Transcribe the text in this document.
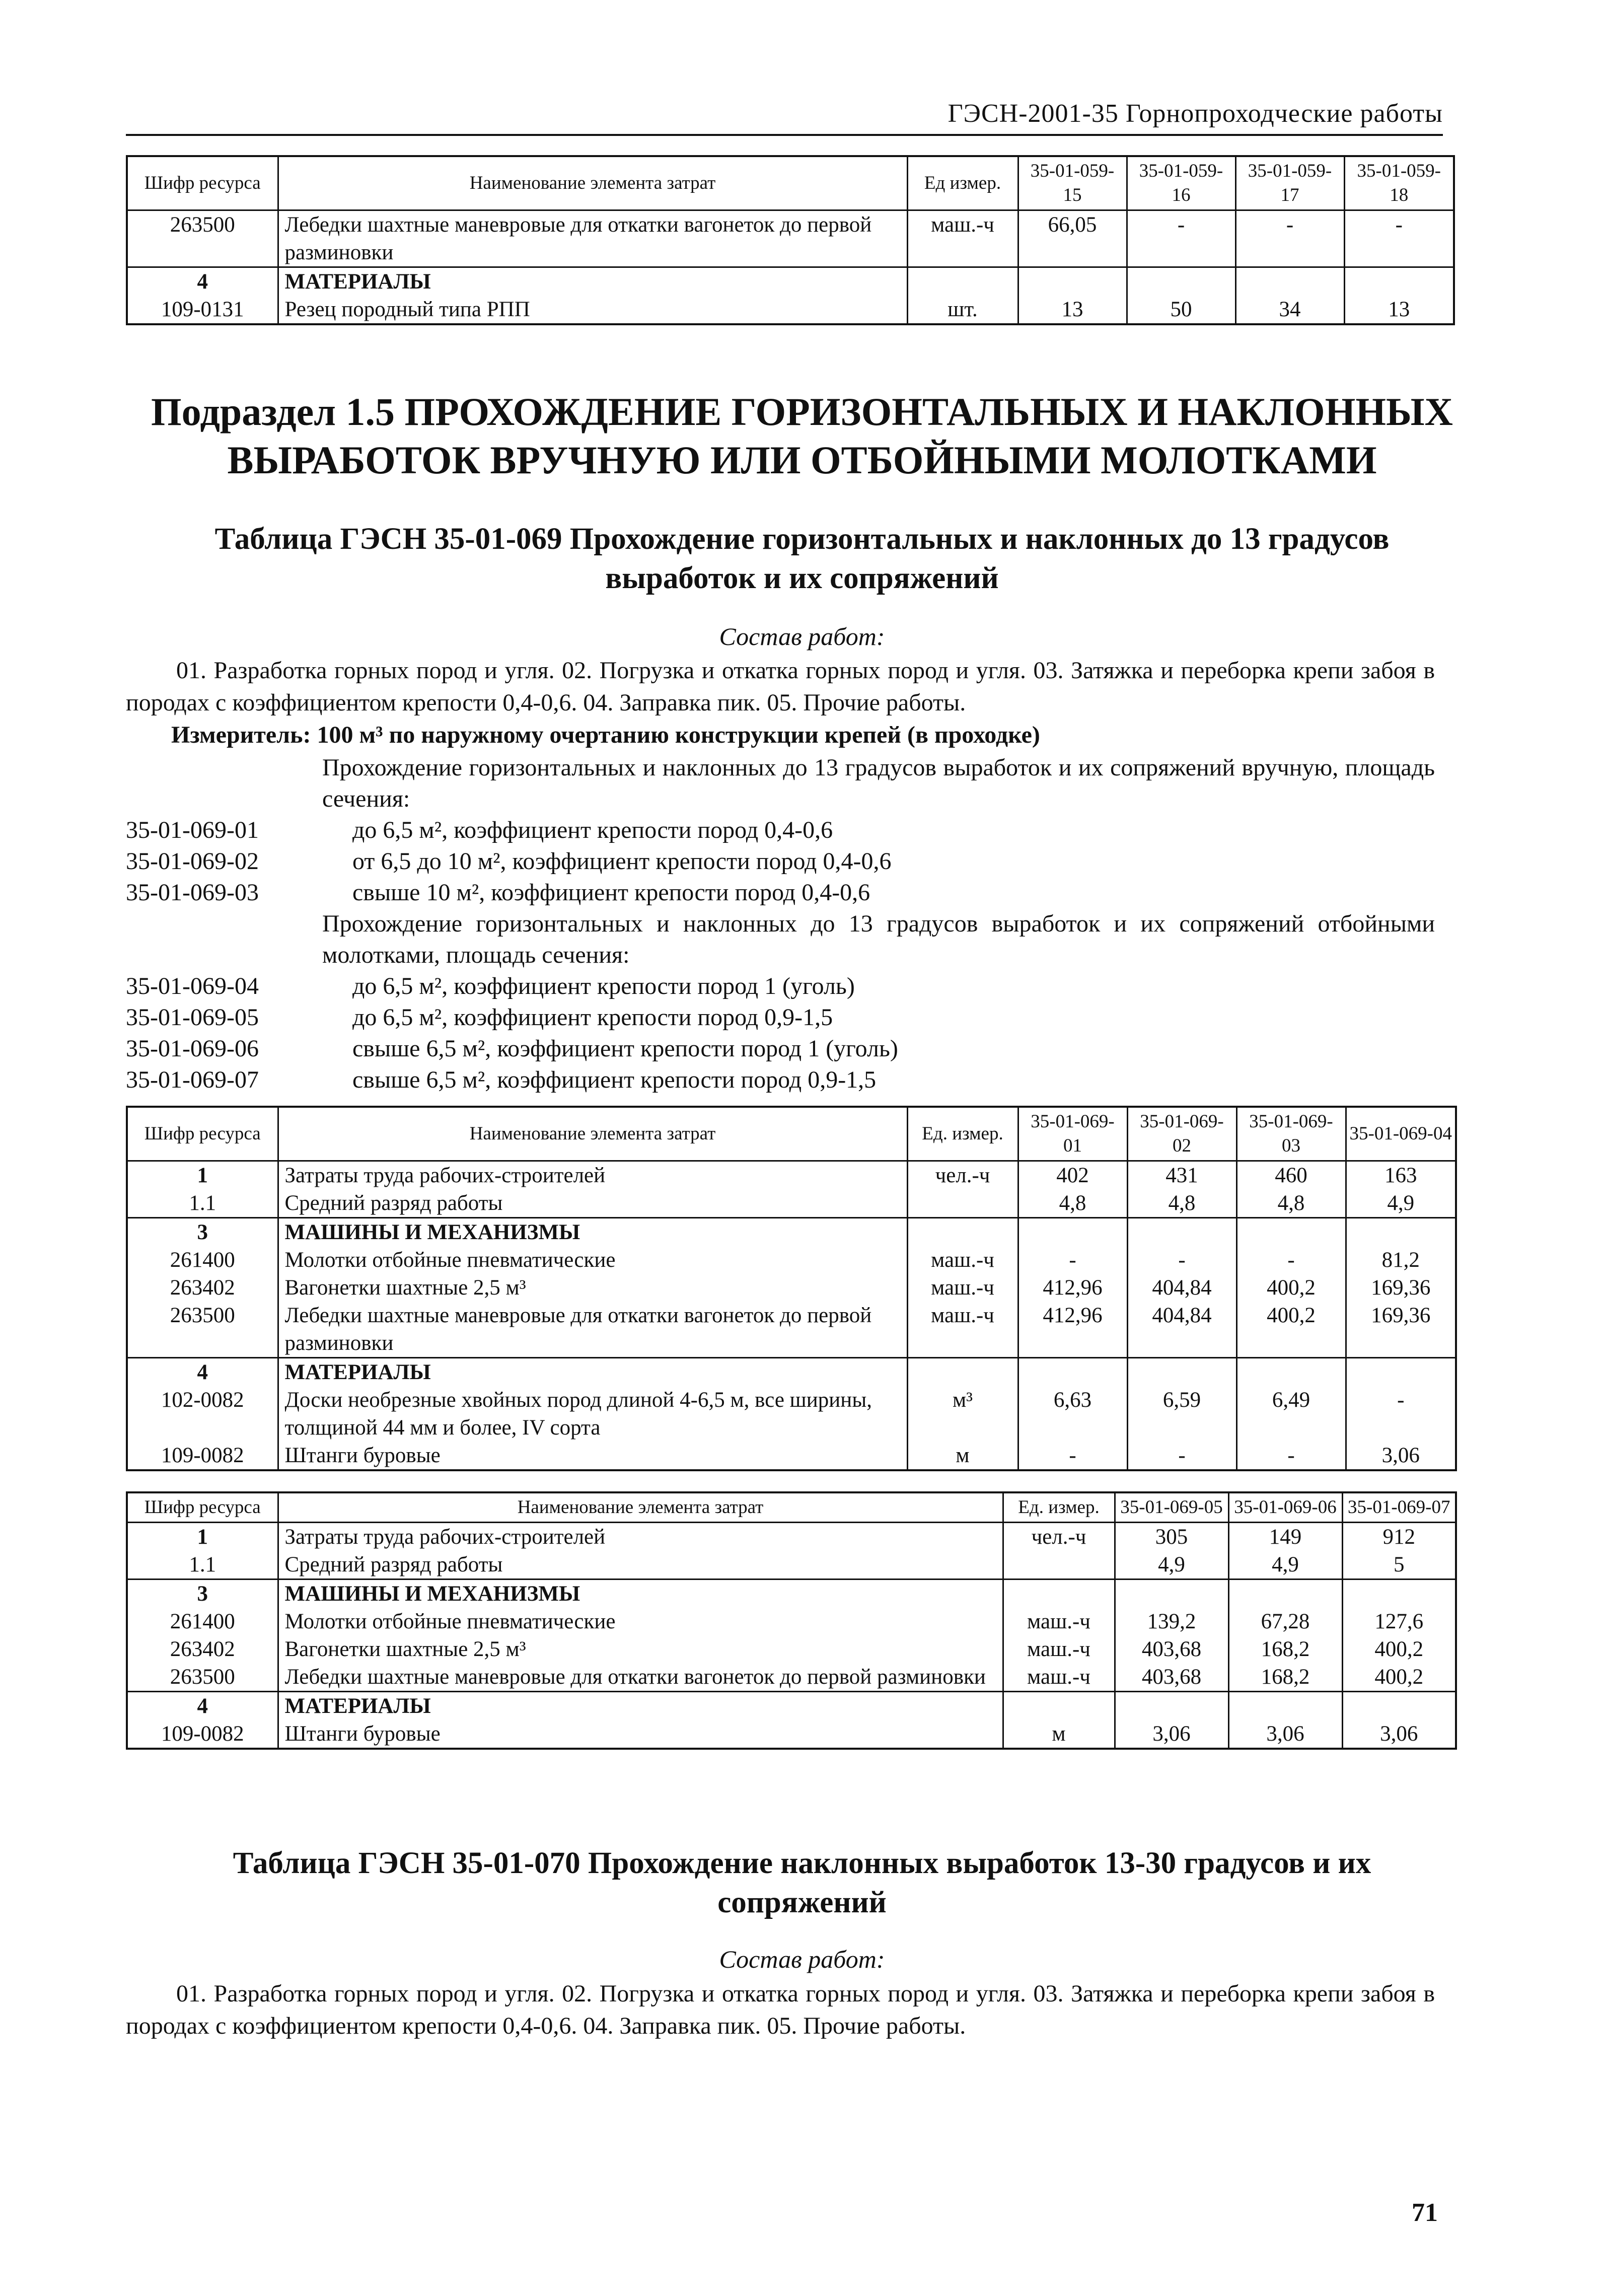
ГЭСН-2001-35 Горнопроходческие работы
Шифр ресурса	Наименование элемента затрат	Ед измер.	35-01-059-15	35-01-059-16	35-01-059-17	35-01-059-18
263500	Лебедки шахтные маневровые для откатки вагонеток до первой разминовки	маш.-ч	66,05	-	-	-
4	МАТЕРИАЛЫ					
109-0131	Резец породный типа РПП	шт.	13	50	34	13
Подраздел 1.5 ПРОХОЖДЕНИЕ ГОРИЗОНТАЛЬНЫХ И НАКЛОННЫХ
ВЫРАБОТОК ВРУЧНУЮ ИЛИ ОТБОЙНЫМИ МОЛОТКАМИ
Таблица ГЭСН 35-01-069 Прохождение горизонтальных и наклонных до 13 градусов
выработок и их сопряжений
Состав работ:
01. Разработка горных пород и угля. 02. Погрузка и откатка горных пород и угля. 03. Затяжка и переборка крепи забоя в породах с коэффициентом крепости 0,4-0,6. 04. Заправка пик. 05. Прочие работы.
Измеритель: 100 м³ по наружному очертанию конструкции крепей (в проходке)
Прохождение горизонтальных и наклонных до 13 градусов выработок и их сопряжений вручную, площадь сечения:
35-01-069-01	до 6,5 м², коэффициент крепости пород 0,4-0,6
35-01-069-02	от 6,5 до 10 м², коэффициент крепости пород 0,4-0,6
35-01-069-03	свыше 10 м², коэффициент крепости пород 0,4-0,6
Прохождение горизонтальных и наклонных до 13 градусов выработок и их сопряжений отбойными молотками, площадь сечения:
35-01-069-04	до 6,5 м², коэффициент крепости пород 1 (уголь)
35-01-069-05	до 6,5 м², коэффициент крепости пород 0,9-1,5
35-01-069-06	свыше 6,5 м², коэффициент крепости пород 1 (уголь)
35-01-069-07	свыше 6,5 м², коэффициент крепости пород 0,9-1,5
Шифр ресурса	Наименование элемента затрат	Ед. измер.	35-01-069-01	35-01-069-02	35-01-069-03	35-01-069-04
1	Затраты труда рабочих-строителей	чел.-ч	402	431	460	163
1.1	Средний разряд работы		4,8	4,8	4,8	4,9
3	МАШИНЫ И МЕХАНИЗМЫ					
261400	Молотки отбойные пневматические	маш.-ч	-	-	-	81,2
263402	Вагонетки шахтные 2,5 м³	маш.-ч	412,96	404,84	400,2	169,36
263500	Лебедки шахтные маневровые для откатки вагонеток до первой разминовки	маш.-ч	412,96	404,84	400,2	169,36
4	МАТЕРИАЛЫ					
102-0082	Доски необрезные хвойных пород длиной 4-6,5 м, все ширины, толщиной 44 мм и более, IV сорта	м³	6,63	6,59	6,49	-
109-0082	Штанги буровые	м	-	-	-	3,06
Шифр ресурса	Наименование элемента затрат	Ед. измер.	35-01-069-05	35-01-069-06	35-01-069-07
1	Затраты труда рабочих-строителей	чел.-ч	305	149	912
1.1	Средний разряд работы		4,9	4,9	5
3	МАШИНЫ И МЕХАНИЗМЫ				
261400	Молотки отбойные пневматические	маш.-ч	139,2	67,28	127,6
263402	Вагонетки шахтные 2,5 м³	маш.-ч	403,68	168,2	400,2
263500	Лебедки шахтные маневровые для откатки вагонеток до первой разминовки	маш.-ч	403,68	168,2	400,2
4	МАТЕРИАЛЫ				
109-0082	Штанги буровые	м	3,06	3,06	3,06
Таблица ГЭСН 35-01-070 Прохождение наклонных выработок 13-30 градусов и их
сопряжений
Состав работ:
01. Разработка горных пород и угля. 02. Погрузка и откатка горных пород и угля. 03. Затяжка и переборка крепи забоя в породах с коэффициентом крепости 0,4-0,6. 04. Заправка пик. 05. Прочие работы.
71
